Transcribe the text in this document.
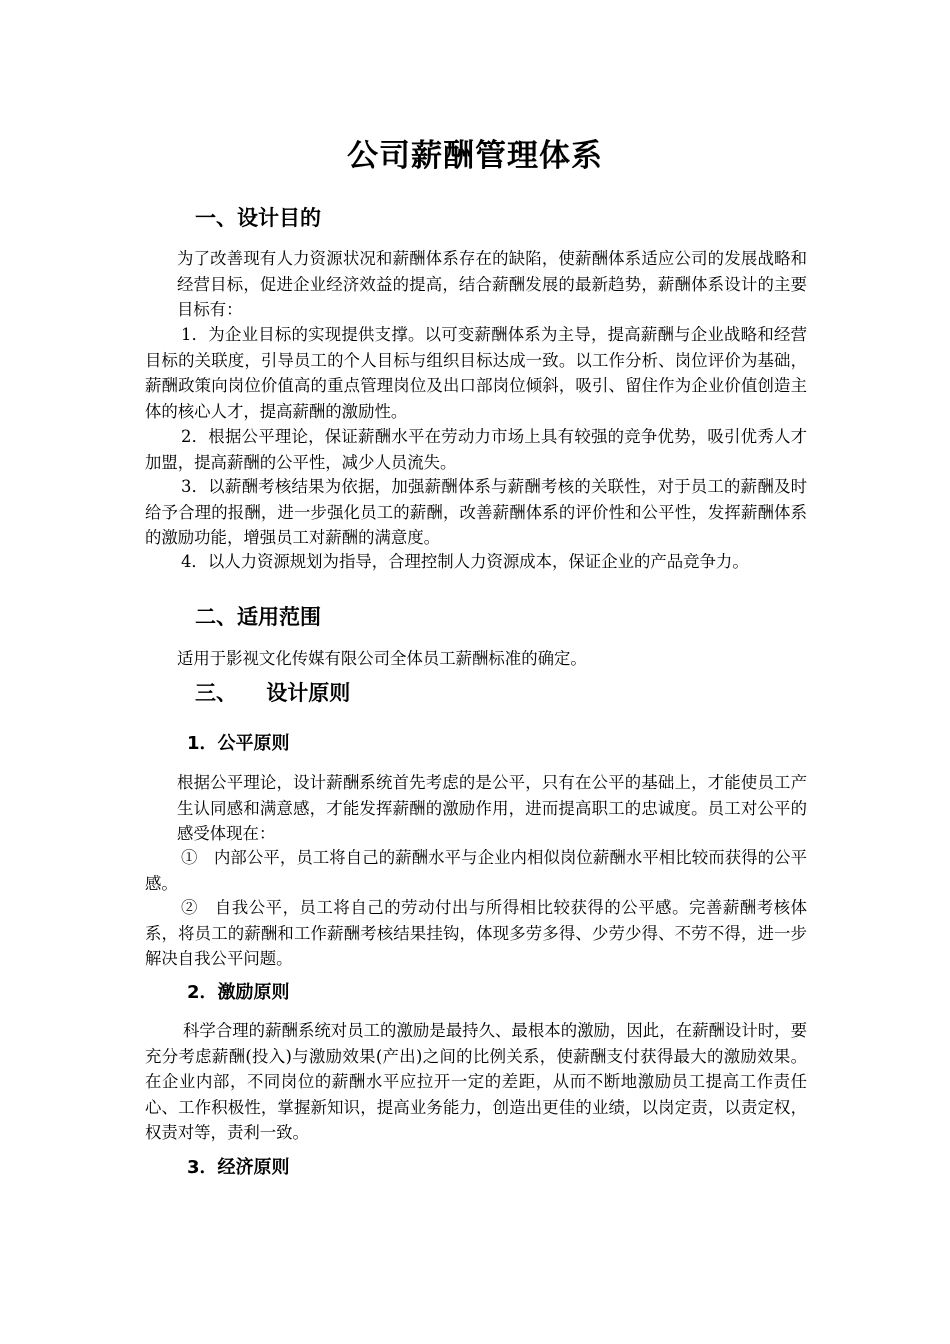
公司薪酬管理体系
一、设计目的
为了改善现有人力资源状况和薪酬体系存在的缺陷，使薪酬体系适应公司的发展战略和经营目标，促进企业经济效益的提高，结合薪酬发展的最新趋势，薪酬体系设计的主要目标有：
1．为企业目标的实现提供支撑。以可变薪酬体系为主导，提高薪酬与企业战略和经营目标的关联度，引导员工的个人目标与组织目标达成一致。以工作分析、岗位评价为基础，薪酬政策向岗位价值高的重点管理岗位及出口部岗位倾斜，吸引、留住作为企业价值创造主体的核心人才，提高薪酬的激励性。
2．根据公平理论，保证薪酬水平在劳动力市场上具有较强的竞争优势，吸引优秀人才加盟，提高薪酬的公平性，减少人员流失。
3．以薪酬考核结果为依据，加强薪酬体系与薪酬考核的关联性，对于员工的薪酬及时给予合理的报酬，进一步强化员工的薪酬，改善薪酬体系的评价性和公平性，发挥薪酬体系的激励功能，增强员工对薪酬的满意度。
4．以人力资源规划为指导，合理控制人力资源成本，保证企业的产品竞争力。
二、适用范围
适用于影视文化传媒有限公司全体员工薪酬标准的确定。
三、    设计原则
1．公平原则
根据公平理论，设计薪酬系统首先考虑的是公平，只有在公平的基础上，才能使员工产生认同感和满意感，才能发挥薪酬的激励作用，进而提高职工的忠诚度。员工对公平的感受体现在：
①　内部公平，员工将自己的薪酬水平与企业内相似岗位薪酬水平相比较而获得的公平感。
②　自我公平，员工将自己的劳动付出与所得相比较获得的公平感。完善薪酬考核体系，将员工的薪酬和工作薪酬考核结果挂钩，体现多劳多得、少劳少得、不劳不得，进一步解决自我公平问题。
2．激励原则
科学合理的薪酬系统对员工的激励是最持久、最根本的激励，因此，在薪酬设计时，要充分考虑薪酬(投入)与激励效果(产出)之间的比例关系，使薪酬支付获得最大的激励效果。在企业内部，不同岗位的薪酬水平应拉开一定的差距，从而不断地激励员工提高工作责任心、工作积极性，掌握新知识，提高业务能力，创造出更佳的业绩，以岗定责，以责定权，权责对等，责利一致。
3．经济原则
